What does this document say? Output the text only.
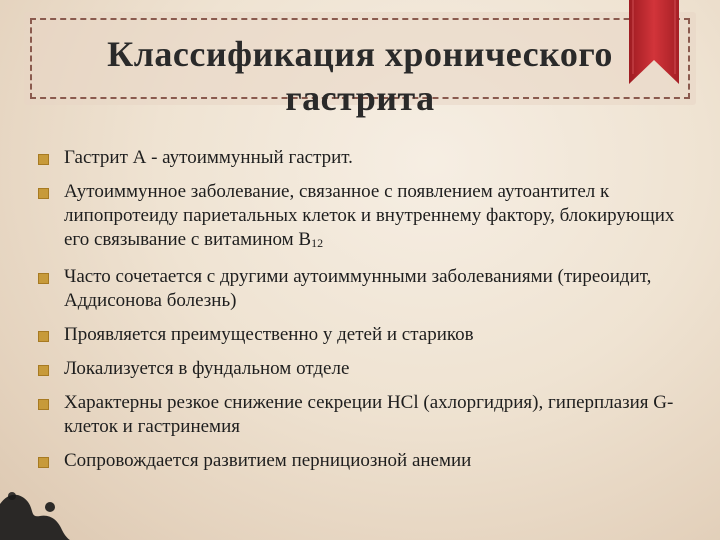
Классификация хронического гастрита
Гастрит А - аутоиммунный гастрит.
Аутоиммунное заболевание, связанное с появлением аутоантител к липопротеиду париетальных клеток и внутреннему фактору, блокирующих его связывание с витамином $B_{12}$
Часто сочетается с другими аутоиммунными заболеваниями (тиреоидит, Аддисонова болезнь)
Проявляется преимущественно у детей и стариков
Локализуется в фундальном отделе
Характерны резкое снижение секреции HCl (ахлоргидрия), гиперплазия G-клеток и гастринемия
Сопровождается развитием пернициозной анемии
